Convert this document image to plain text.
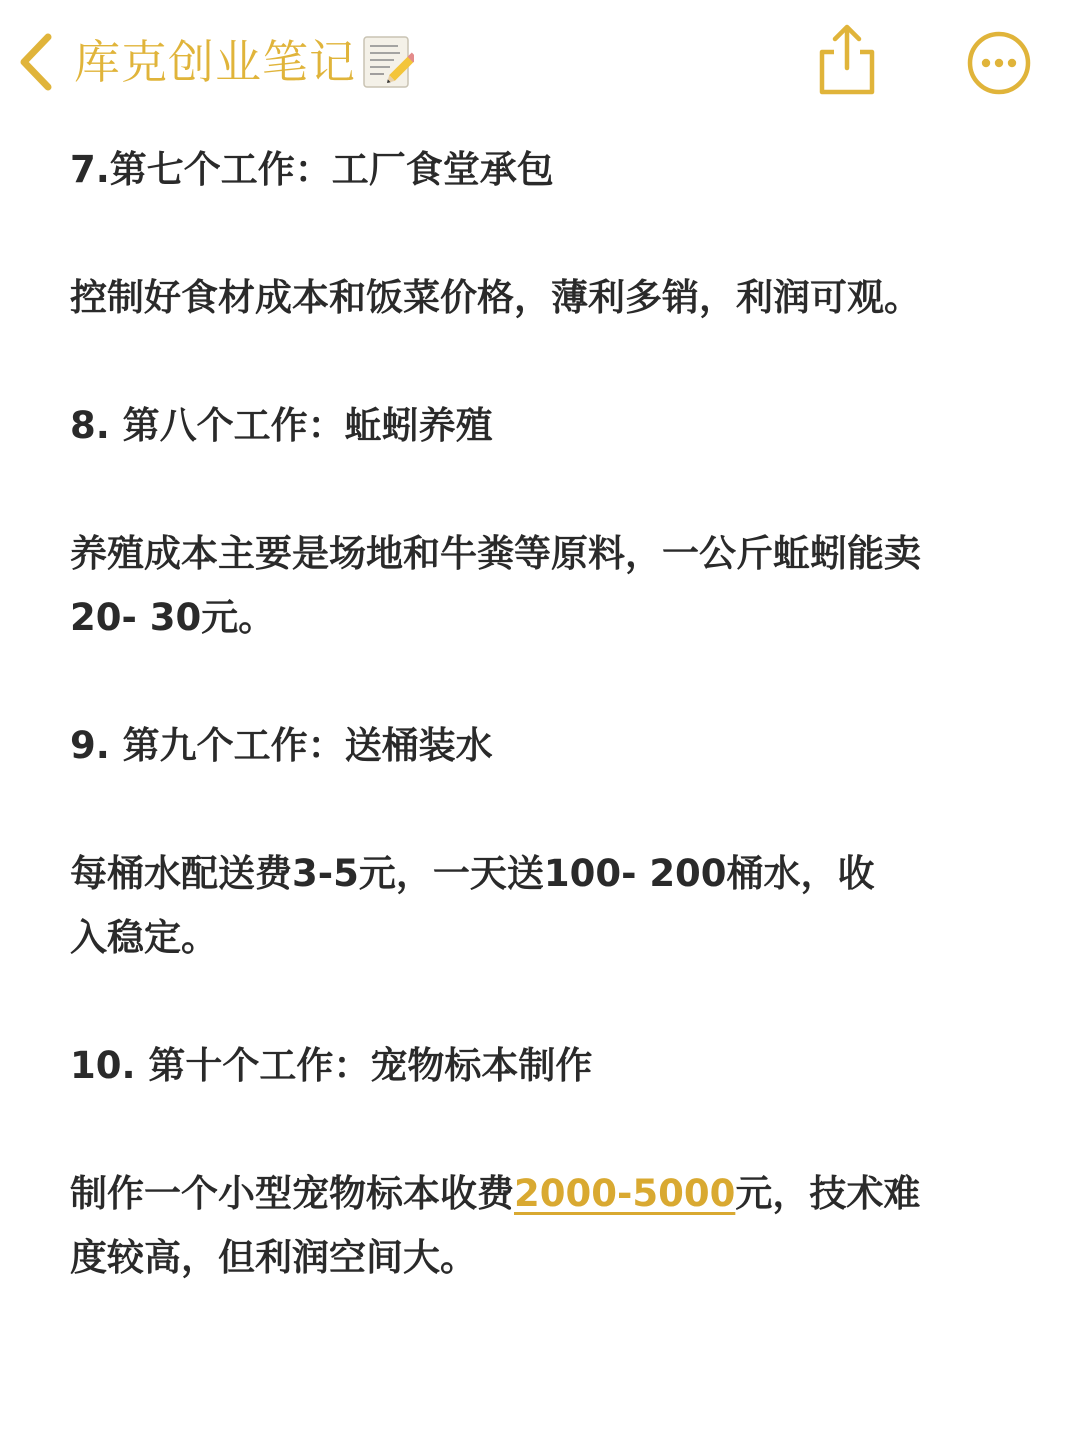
库克创业笔记

7.第七个工作：工厂食堂承包

控制好食材成本和饭菜价格，薄利多销，利润可观。

8. 第八个工作：蚯蚓养殖

养殖成本主要是场地和牛粪等原料，一公斤蚯蚓能卖

20- 30元。

9. 第九个工作：送桶装水

每桶水配送费3-5元，一天送100- 200桶水，收

入稳定。

10. 第十个工作：宠物标本制作

制作一个小型宠物标本收费2000-5000元，技术难

度较高，但利润空间大。
